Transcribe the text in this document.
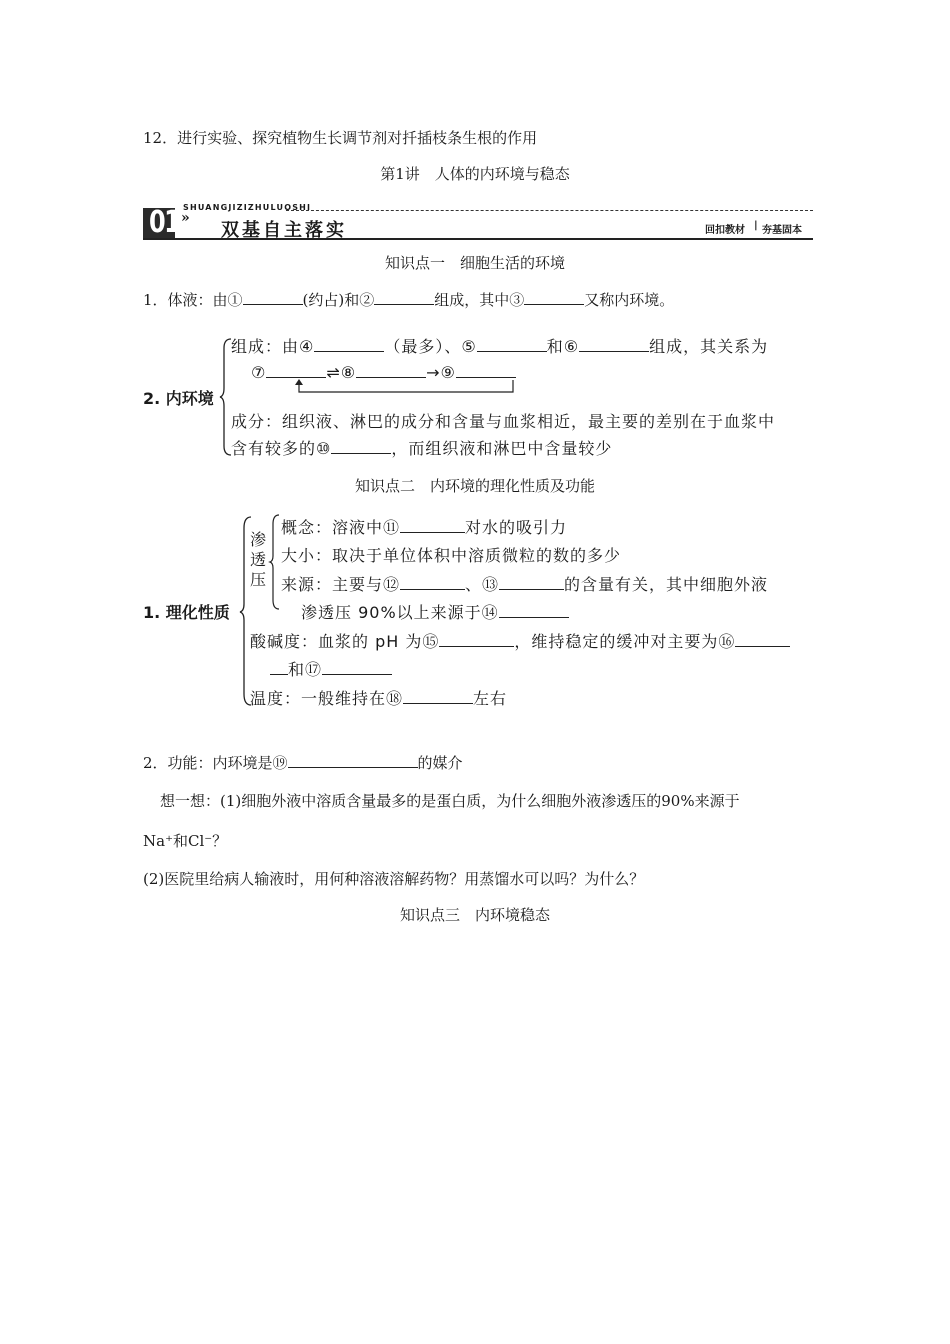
12．进行实验、探究植物生长调节剂对扦插枝条生根的作用
第1讲　人体的内环境与稳态
SHUANGJIZIZHULUOSHI
01 »
双基自主落实	回扣教材 | 夯基固本
知识点一　细胞生活的环境
1．体液：由①	(约占)和②	组成，其中③	又称内环境。
2. 内环境
组成：由④	（最多）、⑤	和⑥	组成，其关系为
⑦	⇌⑧	→⑨
成分：组织液、淋巴的成分和含量与血浆相近，最主要的差别在于血浆中
含有较多的⑩	，而组织液和淋巴中含量较少
知识点二　内环境的理化性质及功能
1. 理化性质
渗
透
压
概念：溶液中⑪	对水的吸引力
大小：取决于单位体积中溶质微粒的数的多少
来源：主要与⑫	、⑬	的含量有关，其中细胞外液
渗透压 90%以上来源于⑭
酸碱度：血浆的 pH 为⑮	，维持稳定的缓冲对主要为⑯
和⑰
温度：一般维持在⑱	左右
2．功能：内环境是⑲	的媒介
想一想：(1)细胞外液中溶质含量最多的是蛋白质，为什么细胞外液渗透压的90%来源于
Na⁺和Cl⁻？
(2)医院里给病人输液时，用何种溶液溶解药物？用蒸馏水可以吗？为什么？
知识点三　内环境稳态
